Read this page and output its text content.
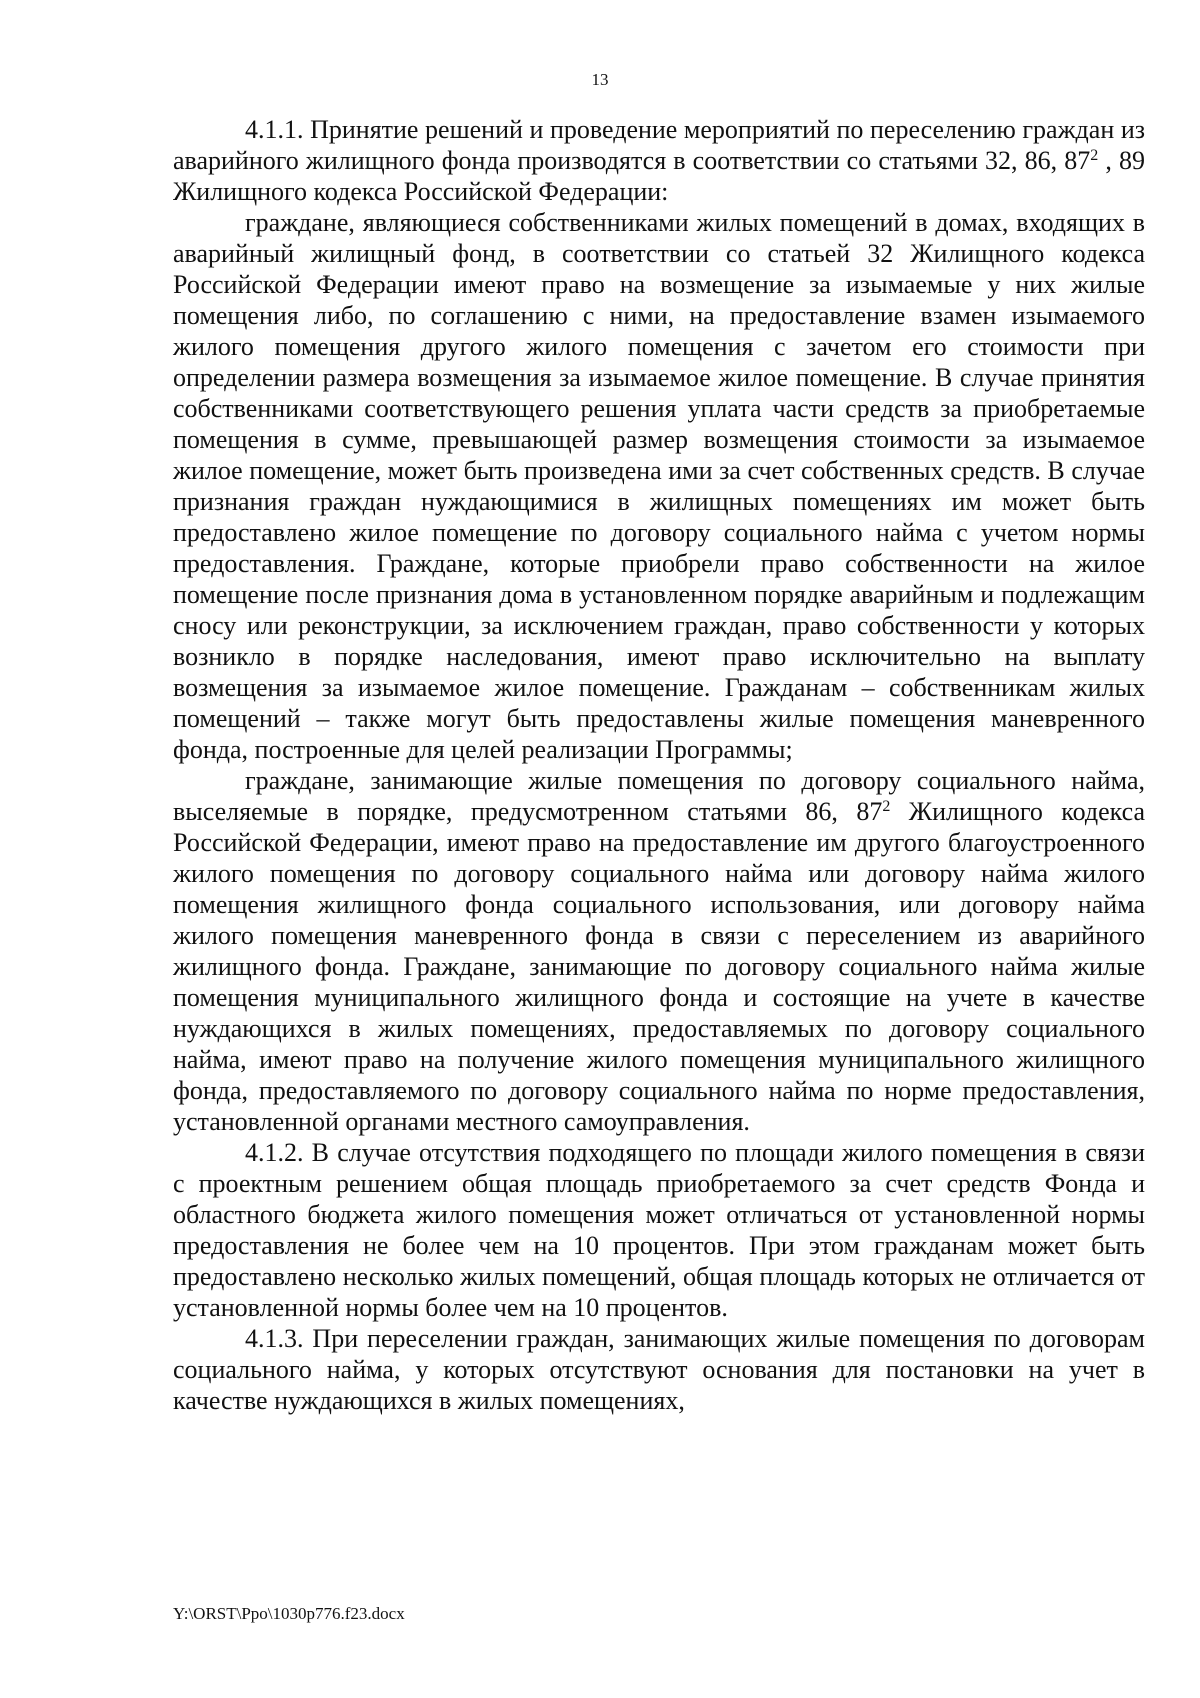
13

4.1.1. Принятие решений и проведение мероприятий по переселению граждан из аварийного жилищного фонда производятся в соответствии со статьями 32, 86, $87^2$ , 89 Жилищного кодекса Российской Федерации:

граждане, являющиеся собственниками жилых помещений в домах, входящих в аварийный жилищный фонд, в соответствии со статьей 32 Жилищного кодекса Российской Федерации имеют право на возмещение за изымаемые у них жилые помещения либо, по соглашению с ними, на предоставление взамен изымаемого жилого помещения другого жилого помещения с зачетом его стоимости при определении размера возмещения за изымаемое жилое помещение. В случае принятия собственниками соответствующего решения уплата части средств за приобретаемые помещения в сумме, превышающей размер возмещения стоимости за изымаемое жилое помещение, может быть произведена ими за счет собственных средств. В случае признания граждан нуждающимися в жилищных помещениях им может быть предоставлено жилое помещение по договору социального найма с учетом нормы предоставления. Граждане, которые приобрели право собственности на жилое помещение после признания дома в установленном порядке аварийным и подлежащим сносу или реконструкции, за исключением граждан, право собственности у которых возникло в порядке наследования, имеют право исключительно на выплату возмещения за изымаемое жилое помещение. Гражданам – собственникам жилых помещений – также могут быть предоставлены жилые помещения маневренного фонда, построенные для целей реализации Программы;

граждане, занимающие жилые помещения по договору социального найма, выселяемые в порядке, предусмотренном статьями 86, $87^2$ Жилищного кодекса Российской Федерации, имеют право на предоставление им другого благоустроенного жилого помещения по договору социального найма или договору найма жилого помещения жилищного фонда социального использования, или договору найма жилого помещения маневренного фонда в связи с переселением из аварийного жилищного фонда. Граждане, занимающие по договору социального найма жилые помещения муниципального жилищного фонда и состоящие на учете в качестве нуждающихся в жилых помещениях, предоставляемых по договору социального найма, имеют право на получение жилого помещения муниципального жилищного фонда, предоставляемого по договору социального найма по норме предоставления, установленной органами местного самоуправления.

4.1.2. В случае отсутствия подходящего по площади жилого помещения в связи с проектным решением общая площадь приобретаемого за счет средств Фонда и областного бюджета жилого помещения может отличаться от установленной нормы предоставления не более чем на 10 процентов. При этом гражданам может быть предоставлено несколько жилых помещений, общая площадь которых не отличается от установленной нормы более чем на 10 процентов.

4.1.3. При переселении граждан, занимающих жилые помещения по договорам социального найма, у которых отсутствуют основания для постановки на учет в качестве нуждающихся в жилых помещениях,

Y:\ORST\Ppo\1030p776.f23.docx
